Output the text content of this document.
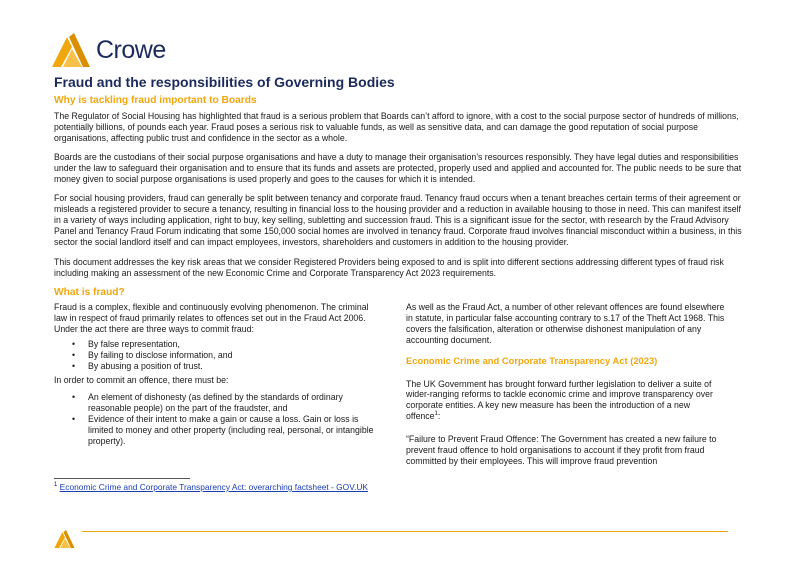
Crowe
Fraud and the responsibilities of Governing Bodies
Why is tackling fraud important to Boards

The Regulator of Social Housing has highlighted that fraud is a serious problem that Boards can’t afford to ignore, with a cost to the social purpose sector of hundreds of millions, potentially billions, of pounds each year. Fraud poses a serious risk to valuable funds, as well as sensitive data, and can damage the good reputation of social purpose organisations, affecting public trust and confidence in the sector as a whole.

Boards are the custodians of their social purpose organisations and have a duty to manage their organisation’s resources responsibly. They have legal duties and responsibilities under the law to safeguard their organisation and to ensure that its funds and assets are protected, properly used and applied and accounted for. The public needs to be sure that money given to social purpose organisations is used properly and goes to the causes for which it is intended.

For social housing providers, fraud can generally be split between tenancy and corporate fraud. Tenancy fraud occurs when a tenant breaches certain terms of their agreement or misleads a registered provider to secure a tenancy, resulting in financial loss to the housing provider and a reduction in available housing to those in need. This can manifest itself in a variety of ways including application, right to buy, key selling, subletting and succession fraud. This is a significant issue for the sector, with research by the Fraud Advisory Panel and Tenancy Fraud Forum indicating that some 150,000 social homes are involved in tenancy fraud. Corporate fraud involves financial misconduct within a business, in this sector the social landlord itself and can impact employees, investors, shareholders and customers in addition to the housing provider.

This document addresses the key risk areas that we consider Registered Providers being exposed to and is split into different sections addressing different types of fraud risk including making an assessment of the new Economic Crime and Corporate Transparency Act 2023 requirements.

What is fraud?

Fraud is a complex, flexible and continuously evolving phenomenon. The criminal law in respect of fraud primarily relates to offences set out in the Fraud Act 2006. Under the act there are three ways to commit fraud:

• By false representation,
• By failing to disclose information, and
• By abusing a position of trust.

In order to commit an offence, there must be:

• An element of dishonesty (as defined by the standards of ordinary reasonable people) on the part of the fraudster, and
• Evidence of their intent to make a gain or cause a loss. Gain or loss is limited to money and other property (including real, personal, or intangible property).

As well as the Fraud Act, a number of other relevant offences are found elsewhere in statute, in particular false accounting contrary to s.17 of the Theft Act 1968. This covers the falsification, alteration or otherwise dishonest manipulation of any accounting document.

Economic Crime and Corporate Transparency Act (2023)

The UK Government has brought forward further legislation to deliver a suite of wider-ranging reforms to tackle economic crime and improve transparency over corporate entities. A key new measure has been the introduction of a new offence$^1$:

“Failure to Prevent Fraud Offence: The Government has created a new failure to prevent fraud offence to hold organisations to account if they profit from fraud committed by their employees. This will improve fraud prevention

$^1$ Economic Crime and Corporate Transparency Act: overarching factsheet - GOV.UK
